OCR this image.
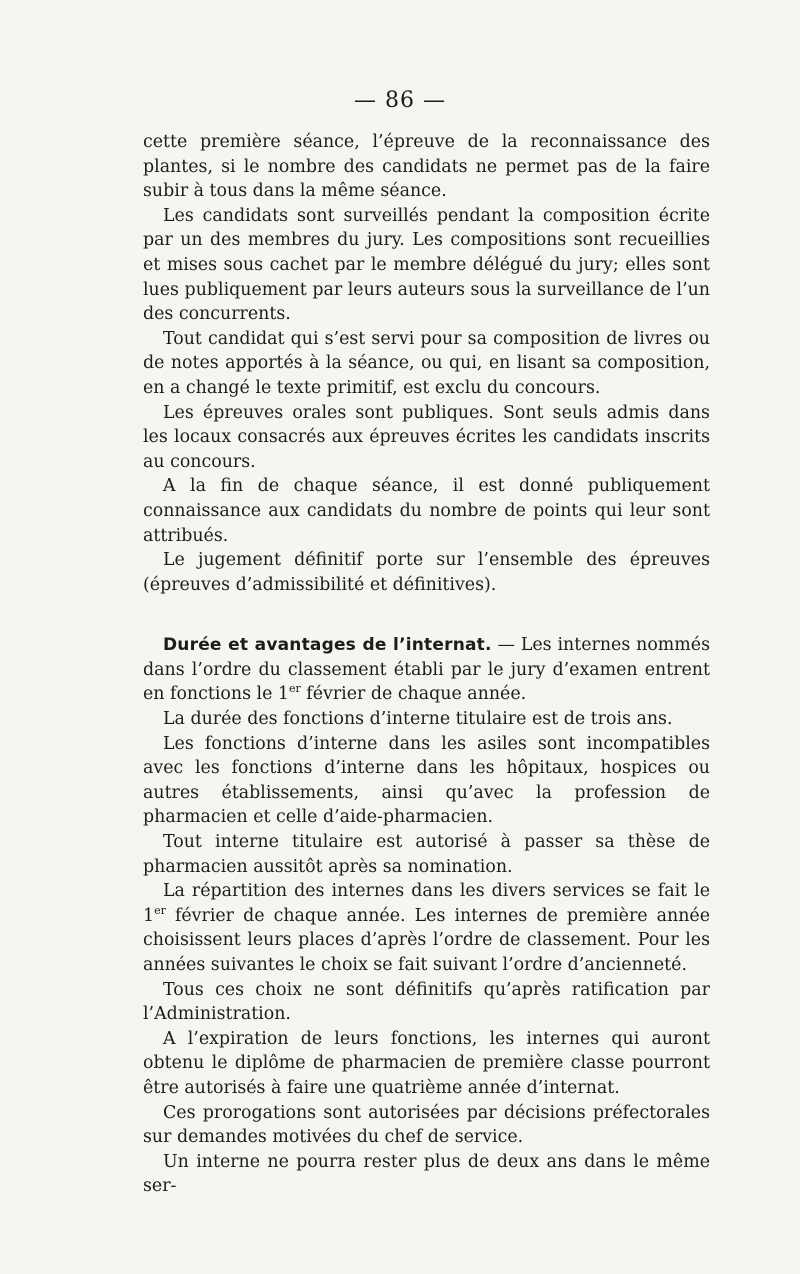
— 86 —

cette première séance, l’épreuve de la reconnaissance des plantes, si le nombre des candidats ne permet pas de la faire subir à tous dans la même séance.

Les candidats sont surveillés pendant la composition écrite par un des membres du jury. Les compositions sont recueillies et mises sous cachet par le membre délégué du jury; elles sont lues publiquement par leurs auteurs sous la surveillance de l’un des concurrents.

Tout candidat qui s’est servi pour sa composition de livres ou de notes apportés à la séance, ou qui, en lisant sa composition, en a changé le texte primitif, est exclu du concours.

Les épreuves orales sont publiques. Sont seuls admis dans les locaux consacrés aux épreuves écrites les candidats inscrits au concours.

A la fin de chaque séance, il est donné publiquement connaissance aux candidats du nombre de points qui leur sont attribués.

Le jugement définitif porte sur l’ensemble des épreuves (épreuves d’admissibilité et définitives).

Durée et avantages de l’internat. — Les internes nommés dans l’ordre du classement établi par le jury d’examen entrent en fonctions le 1er février de chaque année.

La durée des fonctions d’interne titulaire est de trois ans.

Les fonctions d’interne dans les asiles sont incompatibles avec les fonctions d’interne dans les hôpitaux, hospices ou autres établissements, ainsi qu’avec la profession de pharmacien et celle d’aide-pharmacien.

Tout interne titulaire est autorisé à passer sa thèse de pharmacien aussitôt après sa nomination.

La répartition des internes dans les divers services se fait le 1er février de chaque année. Les internes de première année choisissent leurs places d’après l’ordre de classement. Pour les années suivantes le choix se fait suivant l’ordre d’ancienneté.

Tous ces choix ne sont définitifs qu’après ratification par l’Administration.

A l’expiration de leurs fonctions, les internes qui auront obtenu le diplôme de pharmacien de première classe pourront être autorisés à faire une quatrième année d’internat.

Ces prorogations sont autorisées par décisions préfectorales sur demandes motivées du chef de service.

Un interne ne pourra rester plus de deux ans dans le même ser-
